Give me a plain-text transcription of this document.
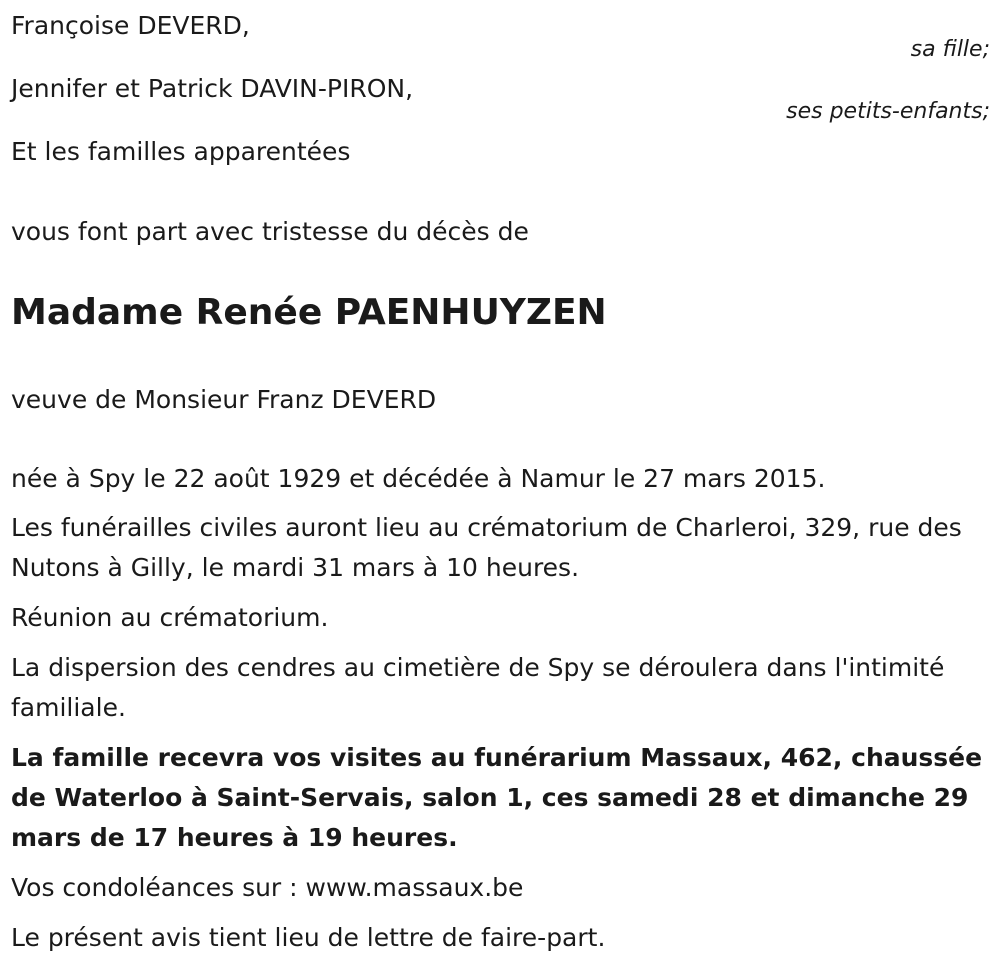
Françoise DEVERD,

sa fille;

Jennifer et Patrick DAVIN-PIRON,

ses petits-enfants;

Et les familles apparentées

vous font part avec tristesse du décès de

Madame Renée PAENHUYZEN

veuve de Monsieur Franz DEVERD

née à Spy le 22 août 1929 et décédée à Namur le 27 mars 2015.

Les funérailles civiles auront lieu au crématorium de Charleroi, 329, rue des Nutons à Gilly, le mardi 31 mars à 10 heures.

Réunion au crématorium.

La dispersion des cendres au cimetière de Spy se déroulera dans l'intimité familiale.

La famille recevra vos visites au funérarium Massaux, 462, chaussée de Waterloo à Saint-Servais, salon 1, ces samedi 28 et dimanche 29 mars de 17 heures à 19 heures.

Vos condoléances sur : www.massaux.be

Le présent avis tient lieu de lettre de faire-part.
